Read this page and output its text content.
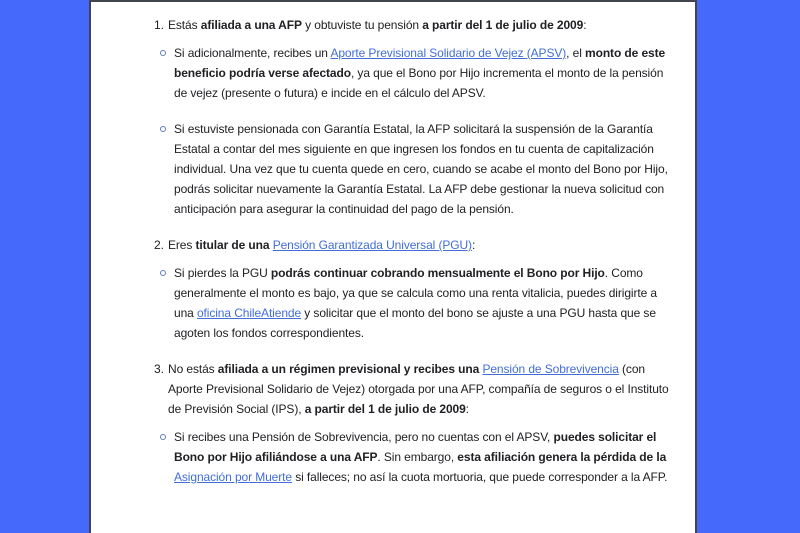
1. Estás afiliada a una AFP y obtuviste tu pensión a partir del 1 de julio de 2009:
Si adicionalmente, recibes un Aporte Previsional Solidario de Vejez (APSV), el monto de este beneficio podría verse afectado, ya que el Bono por Hijo incrementa el monto de la pensión de vejez (presente o futura) e incide en el cálculo del APSV.
Si estuviste pensionada con Garantía Estatal, la AFP solicitará la suspensión de la Garantía Estatal a contar del mes siguiente en que ingresen los fondos en tu cuenta de capitalización individual. Una vez que tu cuenta quede en cero, cuando se acabe el monto del Bono por Hijo, podrás solicitar nuevamente la Garantía Estatal. La AFP debe gestionar la nueva solicitud con anticipación para asegurar la continuidad del pago de la pensión.
2. Eres titular de una Pensión Garantizada Universal (PGU):
Si pierdes la PGU podrás continuar cobrando mensualmente el Bono por Hijo. Como generalmente el monto es bajo, ya que se calcula como una renta vitalicia, puedes dirigirte a una oficina ChileAtiende y solicitar que el monto del bono se ajuste a una PGU hasta que se agoten los fondos correspondientes.
3. No estás afiliada a un régimen previsional y recibes una Pensión de Sobrevivencia (con Aporte Previsional Solidario de Vejez) otorgada por una AFP, compañía de seguros o el Instituto de Previsión Social (IPS), a partir del 1 de julio de 2009:
Si recibes una Pensión de Sobrevivencia, pero no cuentas con el APSV, puedes solicitar el Bono por Hijo afiliándose a una AFP. Sin embargo, esta afiliación genera la pérdida de la Asignación por Muerte si falleces; no así la cuota mortuoria, que puede corresponder a la AFP.
